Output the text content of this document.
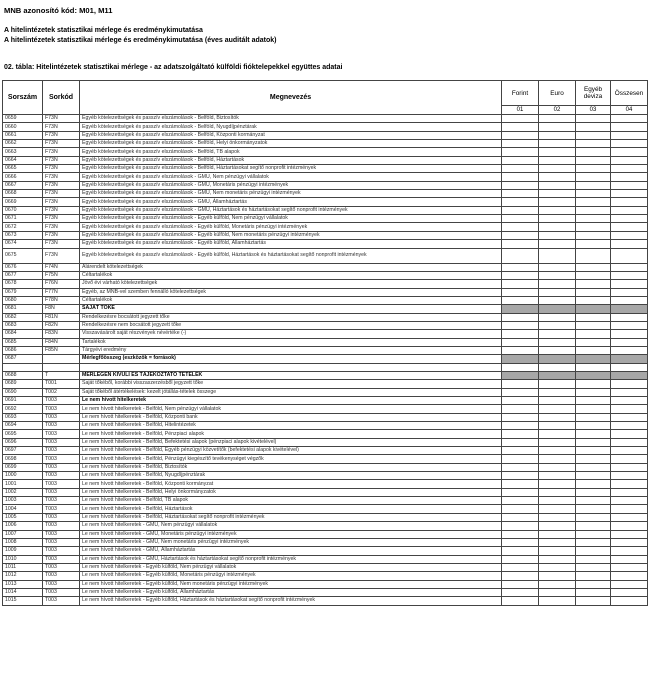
MNB azonosító kód: M01, M11
A hitelintézetek statisztikai mérlege és eredménykimutatása
A hitelintézetek statisztikai mérlege és eredménykimutatása (éves auditált adatok)
02. tábla: Hitelintézetek statisztikai mérlege - az adatszolgáltató külföldi fióktelepekkel együttes adatai
Sorszám	Sorkód	Megnevezés	Forint	Euro	Egyéb deviza	Összesen
			01	02	03	04
0659	F73N	Egyéb kötelezettségek és passzív elszámolások - Belföld, Biztosítók				
0660	F73N	Egyéb kötelezettségek és passzív elszámolások - Belföld, Nyugdíjpénztárak				
0661	F73N	Egyéb kötelezettségek és passzív elszámolások - Belföld, Központi kormányzat				
0662	F73N	Egyéb kötelezettségek és passzív elszámolások - Belföld, Helyi önkormányzatok				
0663	F73N	Egyéb kötelezettségek és passzív elszámolások - Belföld, TB alapok				
0664	F73N	Egyéb kötelezettségek és passzív elszámolások - Belföld, Háztartások				
0665	F73N	Egyéb kötelezettségek és passzív elszámolások - Belföld, Háztartásokat segítő nonprofit intézmények				
0666	F73N	Egyéb kötelezettségek és passzív elszámolások - GMU, Nem pénzügyi vállalatok				
0667	F73N	Egyéb kötelezettségek és passzív elszámolások - GMU, Monetáris pénzügyi intézmények				
0668	F73N	Egyéb kötelezettségek és passzív elszámolások - GMU, Nem monetáris pénzügyi intézmények				
0669	F73N	Egyéb kötelezettségek és passzív elszámolások - GMU, Államháztartás				
0670	F73N	Egyéb kötelezettségek és passzív elszámolások - GMU, Háztartások és háztartásokat segítő nonprofit intézmények				
0671	F73N	Egyéb kötelezettségek és passzív elszámolások - Egyéb külföld, Nem pénzügyi vállalatok				
0672	F73N	Egyéb kötelezettségek és passzív elszámolások - Egyéb külföld, Monetáris pénzügyi intézmények				
0673	F73N	Egyéb kötelezettségek és passzív elszámolások - Egyéb külföld, Nem monetáris pénzügyi intézmények				
0674	F73N	Egyéb kötelezettségek és passzív elszámolások - Egyéb külföld, Államháztartás				
0675	F73N	Egyéb kötelezettségek és passzív elszámolások - Egyéb külföld, Háztartások és háztartásokat segítő nonprofit intézmények				
0676	F74N	Alárendelt kötelezettségek				
0677	F75N	Céltartalékok				
0678	F76N	Jövő évi várható kötelezettségek				
0679	F77N	Egyéb, az MNB-vel szemben fennálló kötelezettségek				
0680	F78N	Céltartalékok				
0681	F8N	SAJÁT TŐKE				
0682	F81N	Rendelkezésre bocsátott jegyzett tőke				
0683	F82N	Rendelkezésre nem bocsátott jegyzett tőke				
0684	F83N	Visszavásárolt saját részvények névértéke (-)				
0685	F84N	Tartalékok				
0686	F85N	Tárgyévi eredmény				
0687		Mérlegfőösszeg (eszközök = források)				

0688	T	MÉRLEGEN KÍVÜLI ÉS TÁJÉKOZTATÓ TÉTELEK				
0689	T001	Saját tőkéből, korábbi visszaszerzésből jegyzett tőke				
0690	T002	Saját tőkéből átértékelések: kezelt jótállás-tételek összege				
0691	T003	Le nem hívott hitelkeretek				
0692	T003	Le nem hívott hitelkeretek - Belföld, Nem pénzügyi vállalatok				
0693	T003	Le nem hívott hitelkeretek - Belföld, Központi bank				
0694	T003	Le nem hívott hitelkeretek - Belföld, Hitelintézetek				
0695	T003	Le nem hívott hitelkeretek - Belföld, Pénzpiaci alapok				
0696	T003	Le nem hívott hitelkeretek - Belföld, Befektetési alapok (pénzpiaci alapok kivételével)				
0697	T003	Le nem hívott hitelkeretek - Belföld, Egyéb pénzügyi közvetítők (befektetési alapok kivételével)				
0698	T003	Le nem hívott hitelkeretek - Belföld, Pénzügyi kiegészítő tevékenységet végzők				
0699	T003	Le nem hívott hitelkeretek - Belföld, Biztosítók				
1000	T003	Le nem hívott hitelkeretek - Belföld, Nyugdíjpénztárak				
1001	T003	Le nem hívott hitelkeretek - Belföld, Központi kormányzat				
1002	T003	Le nem hívott hitelkeretek - Belföld, Helyi önkormányzatok				
1003	T003	Le nem hívott hitelkeretek - Belföld, TB alapok				
1004	T003	Le nem hívott hitelkeretek - Belföld, Háztartások				
1005	T003	Le nem hívott hitelkeretek - Belföld, Háztartásokat segítő nonprofit intézmények				
1006	T003	Le nem hívott hitelkeretek - GMU, Nem pénzügyi vállalatok				
1007	T003	Le nem hívott hitelkeretek - GMU, Monetáris pénzügyi intézmények				
1008	T003	Le nem hívott hitelkeretek - GMU, Nem monetáris pénzügyi intézmények				
1009	T003	Le nem hívott hitelkeretek - GMU, Államháztartás				
1010	T003	Le nem hívott hitelkeretek - GMU, Háztartások és háztartásokat segítő nonprofit intézmények				
1011	T003	Le nem hívott hitelkeretek - Egyéb külföld, Nem pénzügyi vállalatok				
1012	T003	Le nem hívott hitelkeretek - Egyéb külföld, Monetáris pénzügyi intézmények				
1013	T003	Le nem hívott hitelkeretek - Egyéb külföld, Nem monetáris pénzügyi intézmények				
1014	T003	Le nem hívott hitelkeretek - Egyéb külföld, Államháztartás				
1015	T003	Le nem hívott hitelkeretek - Egyéb külföld, Háztartások és háztartásokat segítő nonprofit intézmények				
